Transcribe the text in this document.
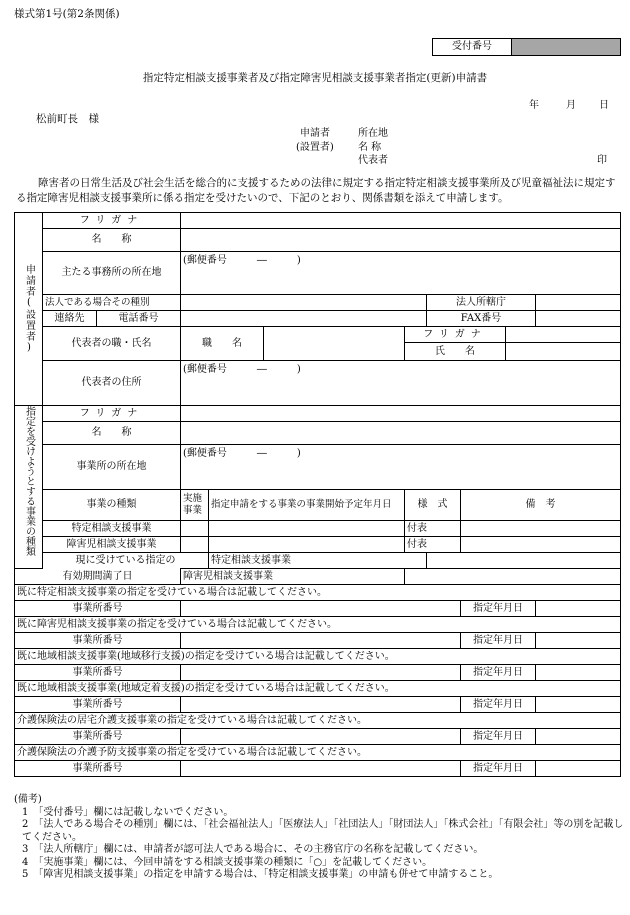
様式第1号(第2条関係)
受付番号
指定特定相談支援事業者及び指定障害児相談支援事業者指定(更新)申請書
年	月 日
松前町長　様
申請者
(設置者)
所在地
名 称
代表者	印
障害者の日常生活及び社会生活を総合的に支援するための法律に規定する指定特定相談支援事業所及び児童福祉法に規定する指定障害児相談支援事業所に係る指定を受けたいので、下記のとおり、関係書類を添えて申請します。
申請者(設置者)	フリガナ									
	名　　称									
	主たる事務所の所在地		(郵便番号　　　―　　　)							
	法人である場合その種別						法人所轄庁			
	連絡先	電話番号					FAX番号			
	代表者の職・氏名		職　　名			フリガナ				
						氏　　名				
	代表者の住所		(郵便番号　　　―　　　)							

指定を受けようとする事業の種類	フリガナ									
	名　　称									
	事業所の所在地		(郵便番号　　　―　　　)							
	事業の種類		実施事業	指定申請をする事業の事業開始予定年月日		様　式		備　考		
	特定相談支援事業					付表				
	障害児相談支援事業					付表				
	現に受けている指定の			特定相談支援事業						
有効期間満了日			障害児相談支援事業							
既に特定相談支援事業の指定を受けている場合は記載してください。										
事業所番号								指定年月日		
既に障害児相談支援事業の指定を受けている場合は記載してください。										
事業所番号								指定年月日		
既に地域相談支援事業(地域移行支援)の指定を受けている場合は記載してください。										
事業所番号								指定年月日		
既に地域相談支援事業(地域定着支援)の指定を受けている場合は記載してください。										
事業所番号								指定年月日		
介護保険法の居宅介護支援事業の指定を受けている場合は記載してください。										
事業所番号								指定年月日		
介護保険法の介護予防支援事業の指定を受けている場合は記載してください。										
事業所番号								指定年月日		
(備考)
1　「受付番号」欄には記載しないでください。
2　「法人である場合その種別」欄には、「社会福祉法人」「医療法人」「社団法人」「財団法人」「株式会社」「有限会社」等の別を記載してください。
3　「法人所轄庁」欄には、申請者が認可法人である場合に、その主務官庁の名称を記載してください。
4　「実施事業」欄には、今回申請をする相談支援事業の種類に「○」を記載してください。
5　「障害児相談支援事業」の指定を申請する場合は、「特定相談支援事業」の申請も併せて申請すること。
